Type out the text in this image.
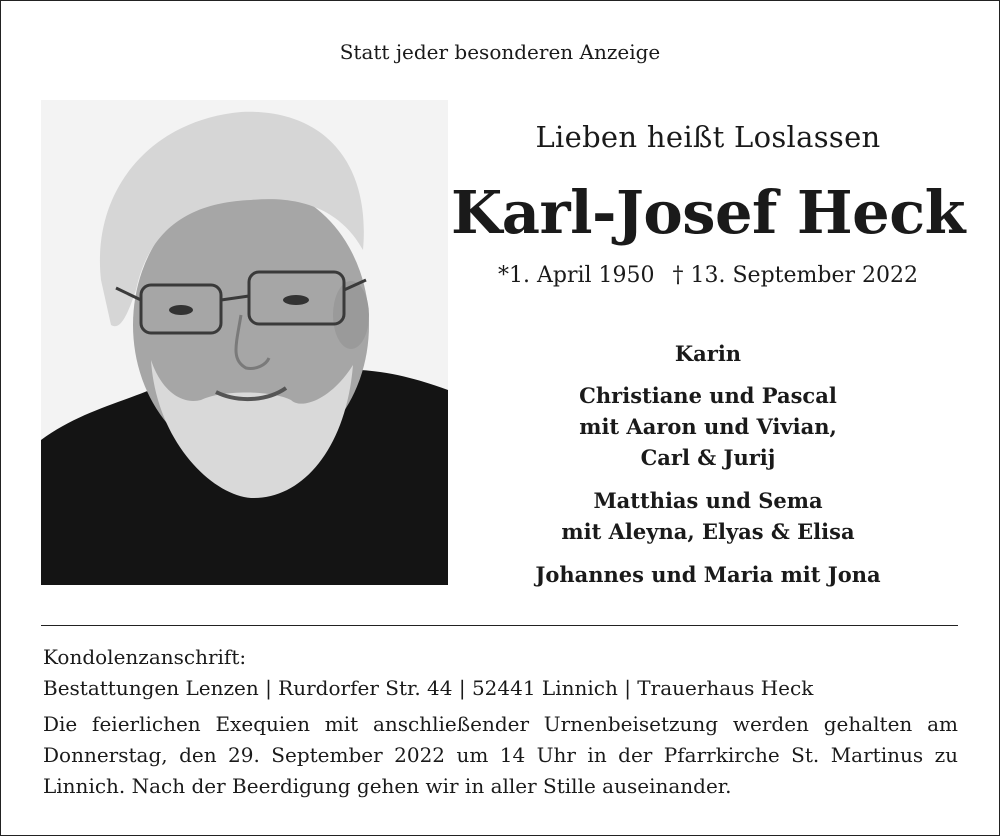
Statt jeder besonderen Anzeige
Lieben heißt Loslassen
Karl-Josef Heck
*1. April 1950 † 13. September 2022
Karin
Christiane und Pascal
mit Aaron und Vivian,
Carl & Jurij
Matthias und Sema
mit Aleyna, Elyas & Elisa
Johannes und Maria mit Jona
Kondolenzanschrift:
Bestattungen Lenzen | Rurdorfer Str. 44 | 52441 Linnich | Trauerhaus Heck
Die feierlichen Exequien mit anschließender Urnenbeisetzung werden gehalten am Donnerstag, den 29. September 2022 um 14 Uhr in der Pfarrkirche St. Martinus zu Linnich. Nach der Beerdigung gehen wir in aller Stille auseinander.
